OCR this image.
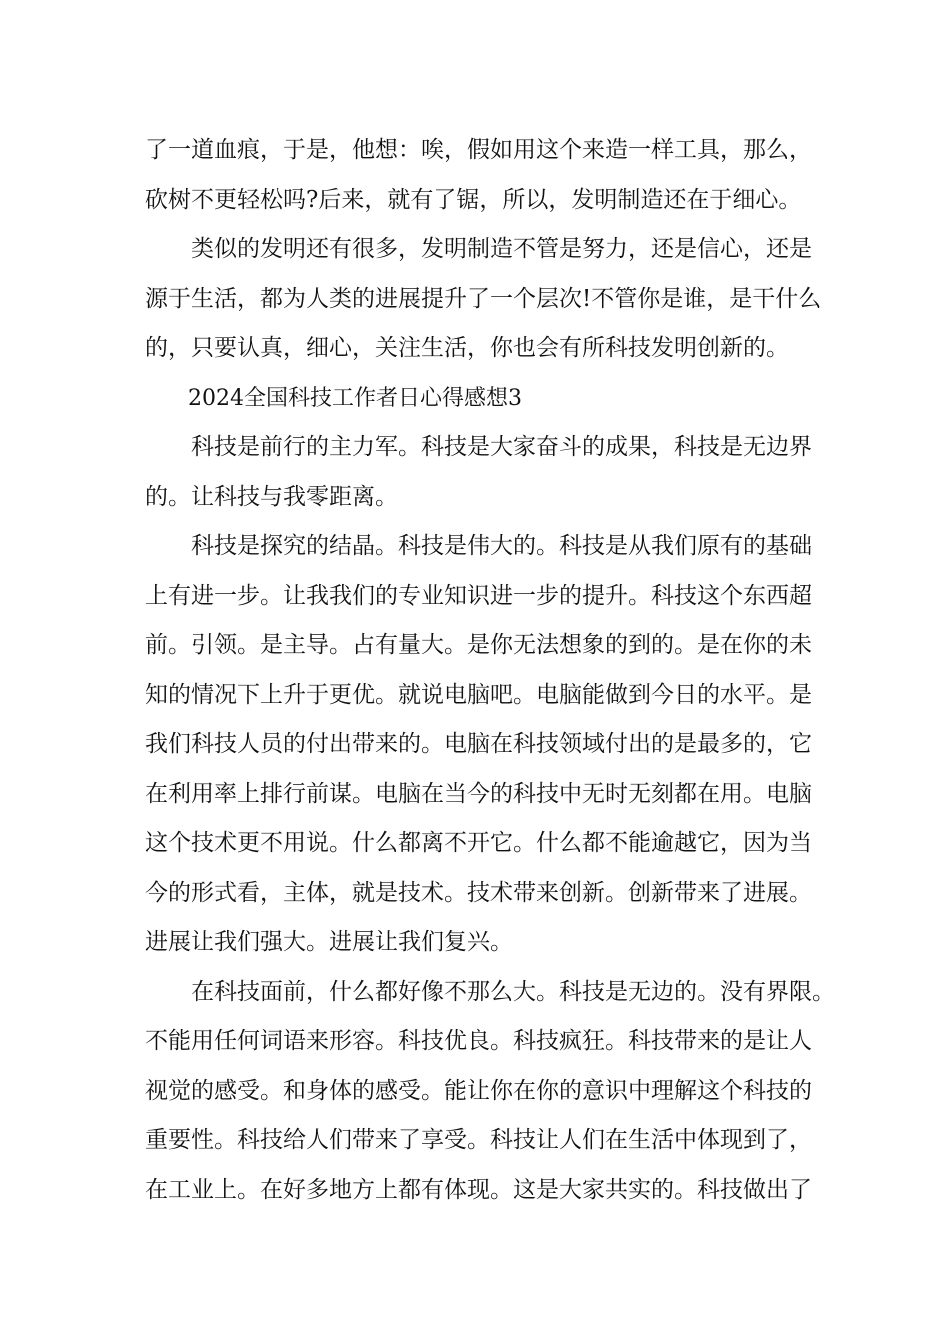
了一道血痕，于是，他想：唉，假如用这个来造一样工具，那么，
砍树不更轻松吗?后来，就有了锯，所以，发明制造还在于细心。
类似的发明还有很多，发明制造不管是努力，还是信心，还是
源于生活，都为人类的进展提升了一个层次!不管你是谁，是干什么
的，只要认真，细心，关注生活，你也会有所科技发明创新的。
2024全国科技工作者日心得感想3
科技是前行的主力军。科技是大家奋斗的成果，科技是无边界
的。让科技与我零距离。
科技是探究的结晶。科技是伟大的。科技是从我们原有的基础
上有进一步。让我我们的专业知识进一步的提升。科技这个东西超
前。引领。是主导。占有量大。是你无法想象的到的。是在你的未
知的情况下上升于更优。就说电脑吧。电脑能做到今日的水平。是
我们科技人员的付出带来的。电脑在科技领域付出的是最多的，它
在利用率上排行前谋。电脑在当今的科技中无时无刻都在用。电脑
这个技术更不用说。什么都离不开它。什么都不能逾越它，因为当
今的形式看，主体，就是技术。技术带来创新。创新带来了进展。
进展让我们强大。进展让我们复兴。
在科技面前，什么都好像不那么大。科技是无边的。没有界限。
不能用任何词语来形容。科技优良。科技疯狂。科技带来的是让人
视觉的感受。和身体的感受。能让你在你的意识中理解这个科技的
重要性。科技给人们带来了享受。科技让人们在生活中体现到了，
在工业上。在好多地方上都有体现。这是大家共实的。科技做出了
